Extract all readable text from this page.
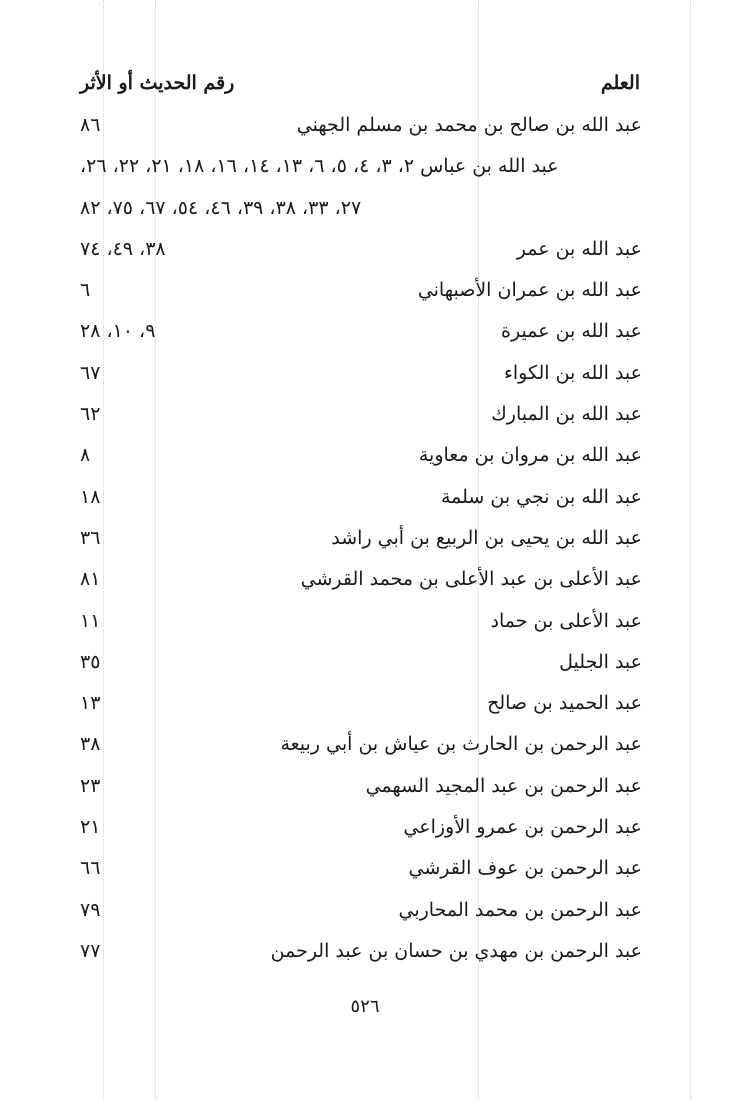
العلم
رقم الحديث أو الأثر
عبد الله بن صالح بن محمد بن مسلم الجهني
٨٦
عبد الله بن عباس ٢، ٣، ٤، ٥، ٦، ١٣، ١٤، ١٦، ١٨، ٢١، ٢٢، ٢٦،
٢٧، ٣٣، ٣٨، ٣٩، ٤٦، ٥٤، ٦٧، ٧٥، ٨٢
عبد الله بن عمر
٣٨، ٤٩، ٧٤
عبد الله بن عمران الأصبهاني
٦
عبد الله بن عميرة
٩، ١٠، ٢٨
عبد الله بن الكواء
٦٧
عبد الله بن المبارك
٦٢
عبد الله بن مروان بن معاوية
٨
عبد الله بن نجي بن سلمة
١٨
عبد الله بن يحيى بن الربيع بن أبي راشد
٣٦
عبد الأعلى بن عبد الأعلى بن محمد القرشي
٨١
عبد الأعلى بن حماد
١١
عبد الجليل
٣٥
عبد الحميد بن صالح
١٣
عبد الرحمن بن الحارث بن عياش بن أبي ربيعة
٣٨
عبد الرحمن بن عبد المجيد السهمي
٢٣
عبد الرحمن بن عمرو الأوزاعي
٢١
عبد الرحمن بن عوف القرشي
٦٦
عبد الرحمن بن محمد المحاربي
٧٩
عبد الرحمن بن مهدي بن حسان بن عبد الرحمن
٧٧
٥٢٦
